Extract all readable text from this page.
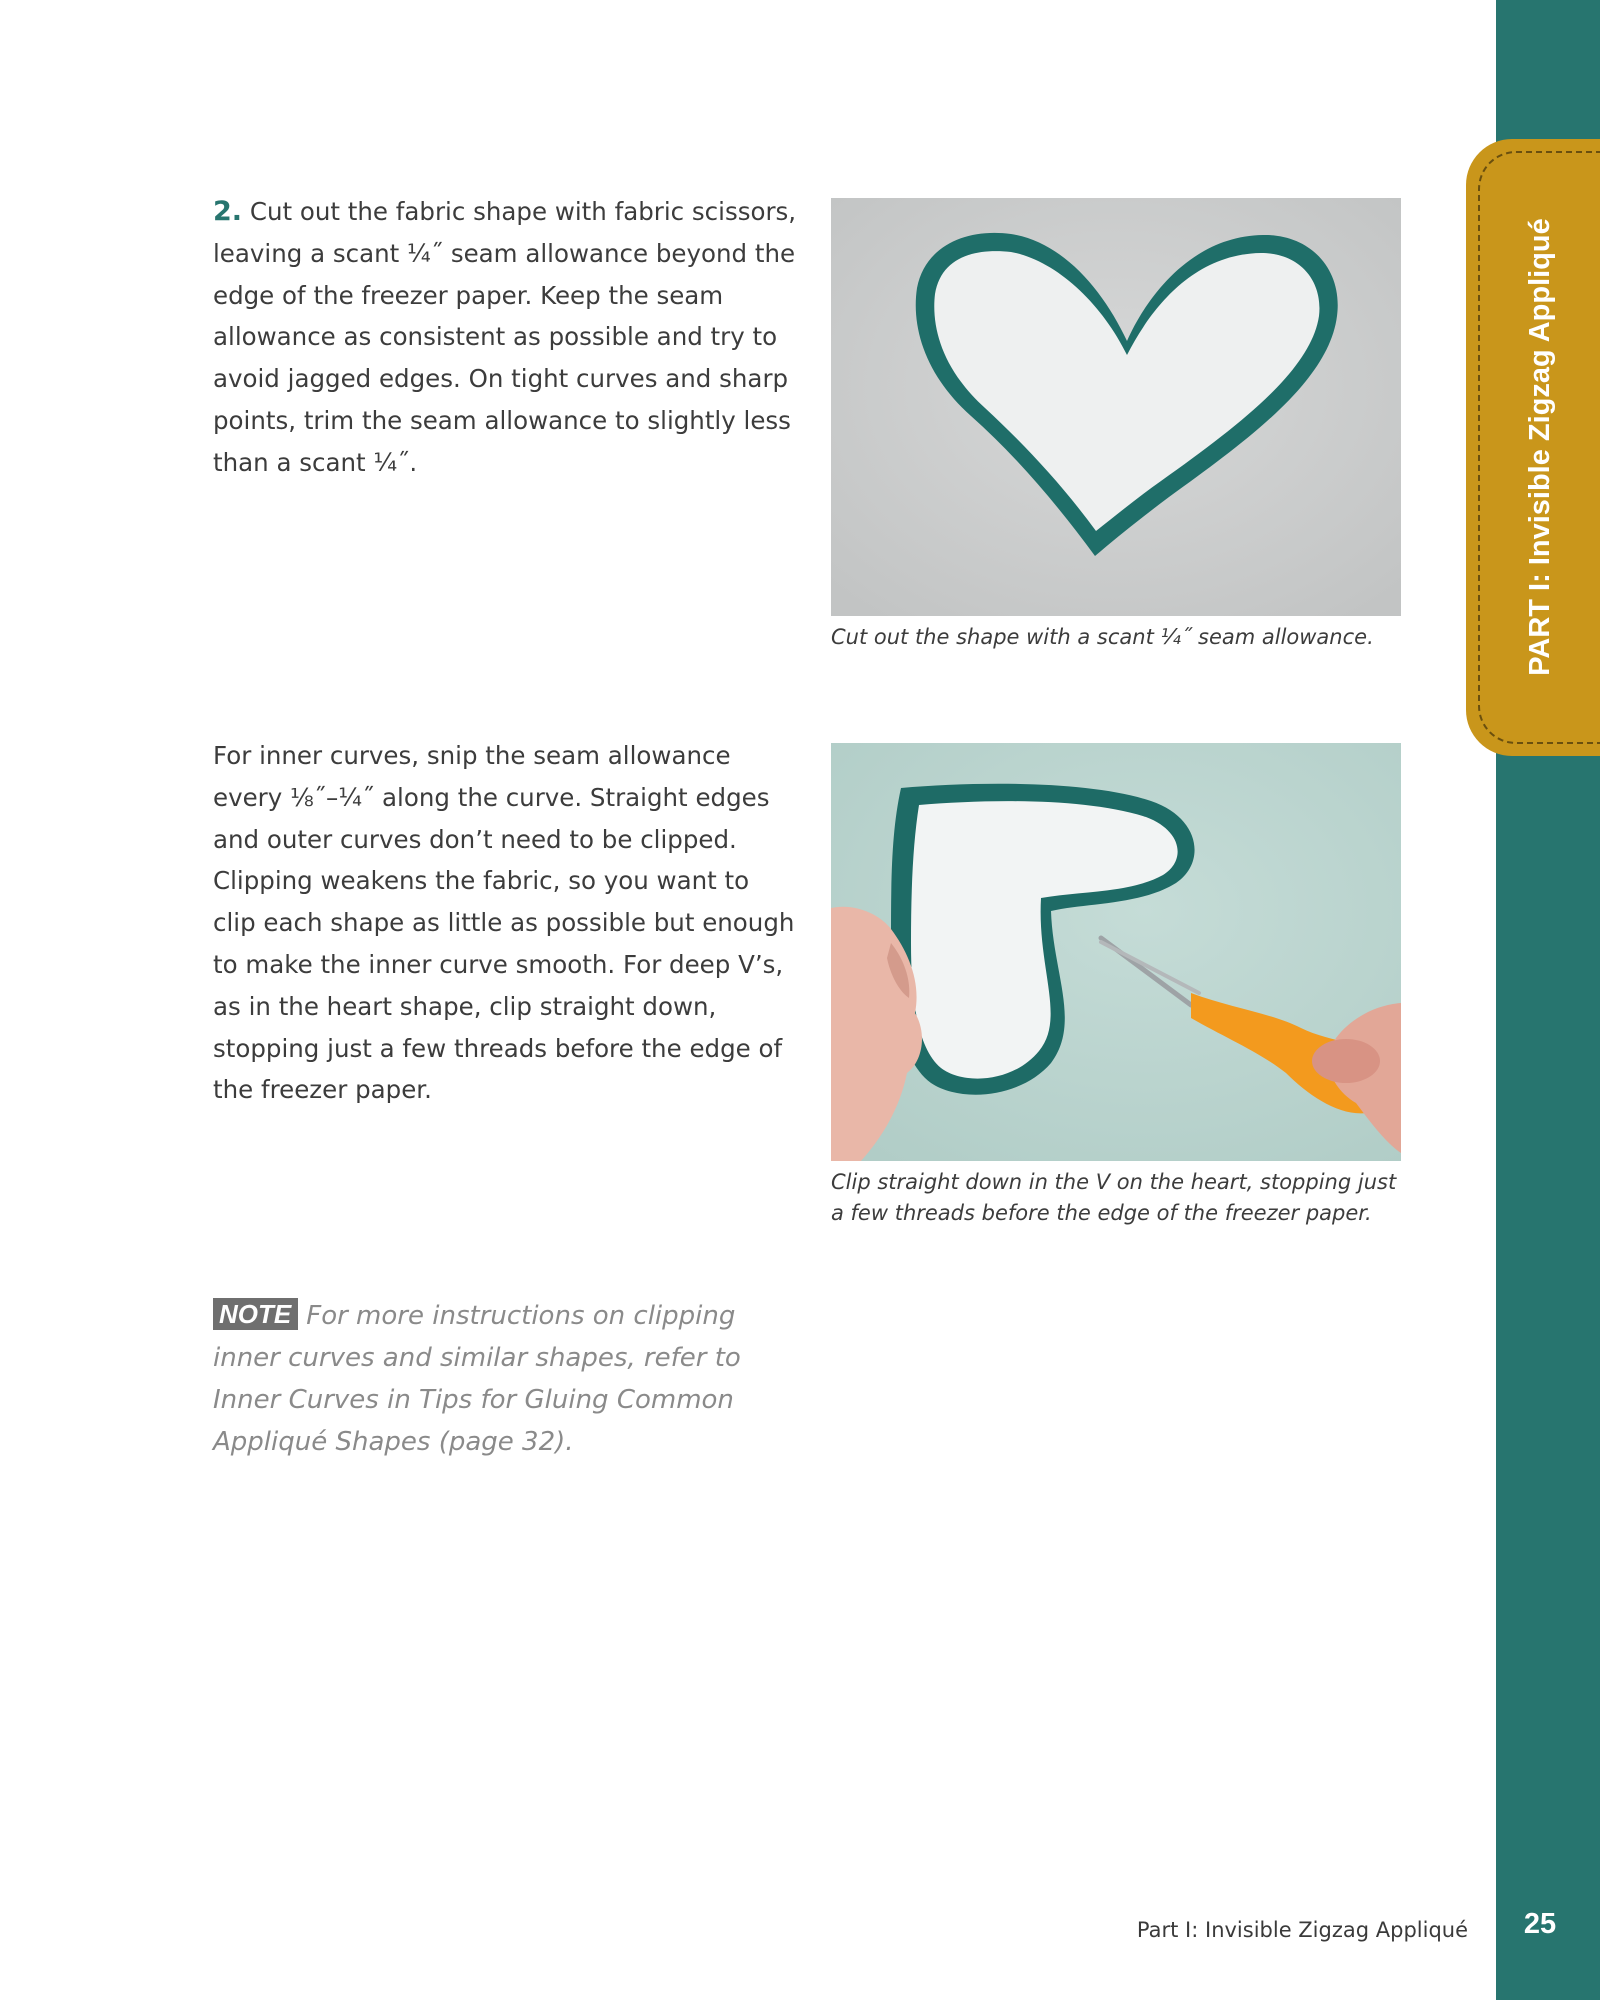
PART I: Invisible Zigzag Appliqué

2. Cut out the fabric shape with fabric scissors, leaving a scant ¼˝ seam allowance beyond the edge of the freezer paper. Keep the seam allowance as consistent as possible and try to avoid jagged edges. On tight curves and sharp points, trim the seam allowance to slightly less than a scant ¼˝.

Cut out the shape with a scant ¼˝ seam allowance.

For inner curves, snip the seam allowance every ⅛˝–¼˝ along the curve. Straight edges and outer curves don’t need to be clipped. Clipping weakens the fabric, so you want to clip each shape as little as possible but enough to make the inner curve smooth. For deep V’s, as in the heart shape, clip straight down, stopping just a few threads before the edge of the freezer paper.

Clip straight down in the V on the heart, stopping just a few threads before the edge of the freezer paper.

NOTE For more instructions on clipping inner curves and similar shapes, refer to Inner Curves in Tips for Gluing Common Appliqué Shapes (page 32).

Part I: Invisible Zigzag Appliqué	25
